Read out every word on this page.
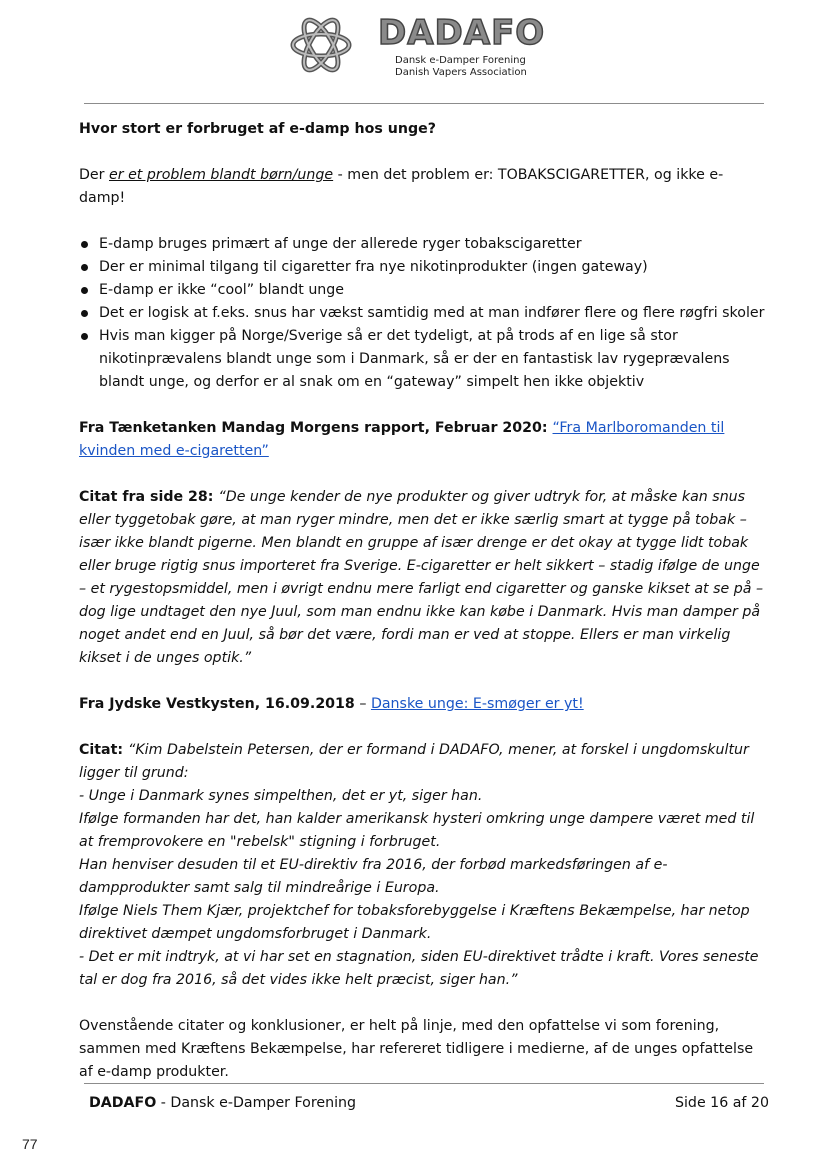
DADAFO
Dansk e-Damper Forening
Danish Vapers Association

Hvor stort er forbruget af e-damp hos unge?

Der er et problem blandt børn/unge - men det problem er: TOBAKSCIGARETTER, og ikke e-damp!

E-damp bruges primært af unge der allerede ryger tobakscigaretter
Der er minimal tilgang til cigaretter fra nye nikotinprodukter (ingen gateway)
E-damp er ikke “cool” blandt unge
Det er logisk at f.eks. snus har vækst samtidig med at man indfører flere og flere røgfri skoler
Hvis man kigger på Norge/Sverige så er det tydeligt, at på trods af en lige så stor nikotinprævalens blandt unge som i Danmark, så er der en fantastisk lav rygeprævalens blandt unge, og derfor er al snak om en “gateway” simpelt hen ikke objektiv

Fra Tænketanken Mandag Morgens rapport, Februar 2020: “Fra Marlboromanden til kvinden med e-cigaretten”

Citat fra side 28: “De unge kender de nye produkter og giver udtryk for, at måske kan snus eller tyggetobak gøre, at man ryger mindre, men det er ikke særlig smart at tygge på tobak – især ikke blandt pigerne. Men blandt en gruppe af især drenge er det okay at tygge lidt tobak eller bruge rigtig snus importeret fra Sverige. E-cigaretter er helt sikkert – stadig ifølge de unge – et rygestopsmiddel, men i øvrigt endnu mere farligt end cigaretter og ganske kikset at se på – dog lige undtaget den nye Juul, som man endnu ikke kan købe i Danmark. Hvis man damper på noget andet end en Juul, så bør det være, fordi man er ved at stoppe. Ellers er man virkelig kikset i de unges optik.”

Fra Jydske Vestkysten, 16.09.2018 – Danske unge: E-smøger er yt!

Citat: “Kim Dabelstein Petersen, der er formand i DADAFO, mener, at forskel i ungdomskultur ligger til grund:

- Unge i Danmark synes simpelthen, det er yt, siger han.

Ifølge formanden har det, han kalder amerikansk hysteri omkring unge dampere været med til at fremprovokere en "rebelsk" stigning i forbruget.

Han henviser desuden til et EU-direktiv fra 2016, der forbød markedsføringen af e-dampprodukter samt salg til mindreårige i Europa.

Ifølge Niels Them Kjær, projektchef for tobaksforebyggelse i Kræftens Bekæmpelse, har netop direktivet dæmpet ungdomsforbruget i Danmark.

- Det er mit indtryk, at vi har set en stagnation, siden EU-direktivet trådte i kraft. Vores seneste tal er dog fra 2016, så det vides ikke helt præcist, siger han.”

Ovenstående citater og konklusioner, er helt på linje, med den opfattelse vi som forening, sammen med Kræftens Bekæmpelse, har refereret tidligere i medierne, af de unges opfattelse af e-damp produkter.

DADAFO - Dansk e-Damper Forening	Side 16 af 20
77
